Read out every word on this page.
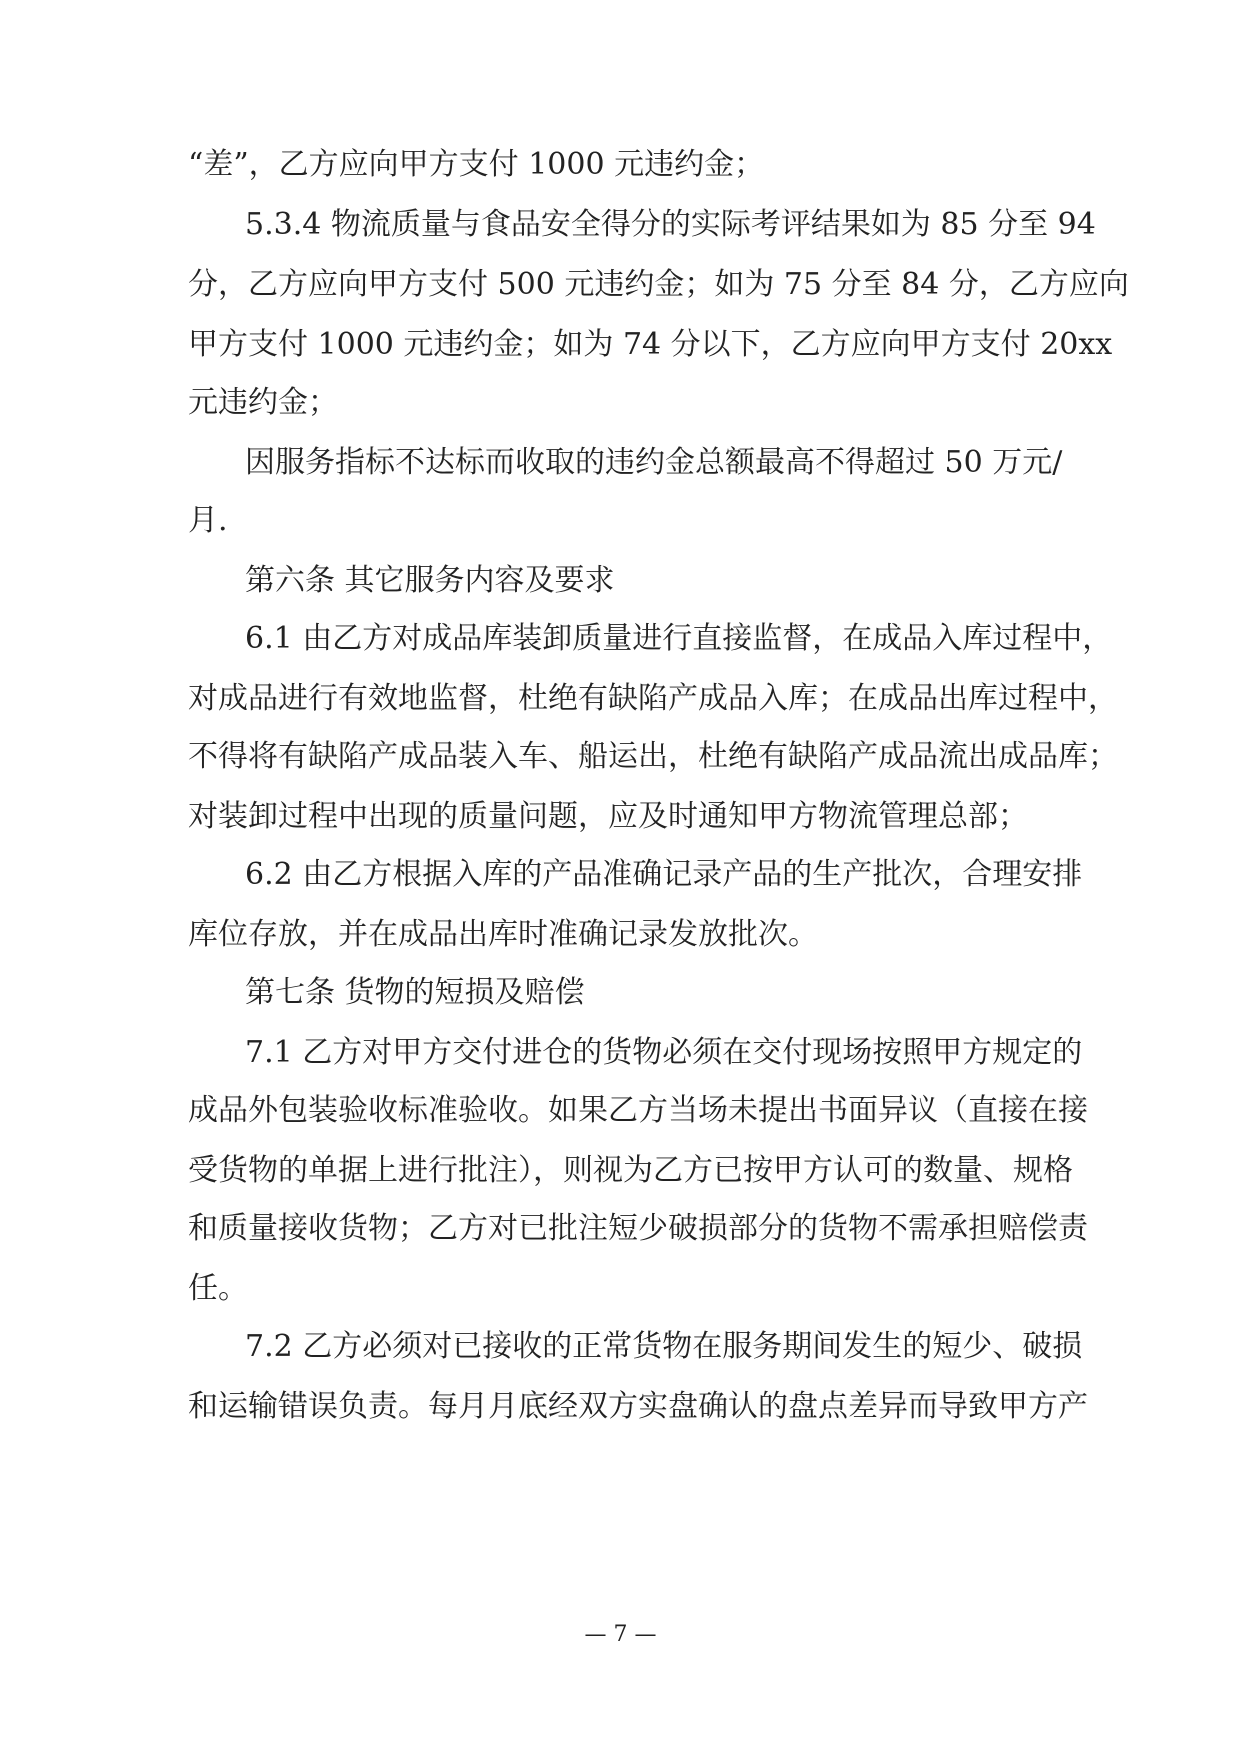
“差”，乙方应向甲方支付 1000 元违约金；
5.3.4 物流质量与食品安全得分的实际考评结果如为 85 分至 94
分，乙方应向甲方支付 500 元违约金；如为 75 分至 84 分，乙方应向
甲方支付 1000 元违约金；如为 74 分以下，乙方应向甲方支付 20xx
元违约金；
因服务指标不达标而收取的违约金总额最高不得超过 50 万元/
月.
第六条 其它服务内容及要求
6.1 由乙方对成品库装卸质量进行直接监督，在成品入库过程中，
对成品进行有效地监督，杜绝有缺陷产成品入库；在成品出库过程中，
不得将有缺陷产成品装入车、船运出，杜绝有缺陷产成品流出成品库；
对装卸过程中出现的质量问题，应及时通知甲方物流管理总部；
6.2 由乙方根据入库的产品准确记录产品的生产批次，合理安排
库位存放，并在成品出库时准确记录发放批次。
第七条 货物的短损及赔偿
7.1 乙方对甲方交付进仓的货物必须在交付现场按照甲方规定的
成品外包装验收标准验收。如果乙方当场未提出书面异议（直接在接
受货物的单据上进行批注），则视为乙方已按甲方认可的数量、规格
和质量接收货物；乙方对已批注短少破损部分的货物不需承担赔偿责
任。
7.2 乙方必须对已接收的正常货物在服务期间发生的短少、破损
和运输错误负责。每月月底经双方实盘确认的盘点差异而导致甲方产
— 7 —
